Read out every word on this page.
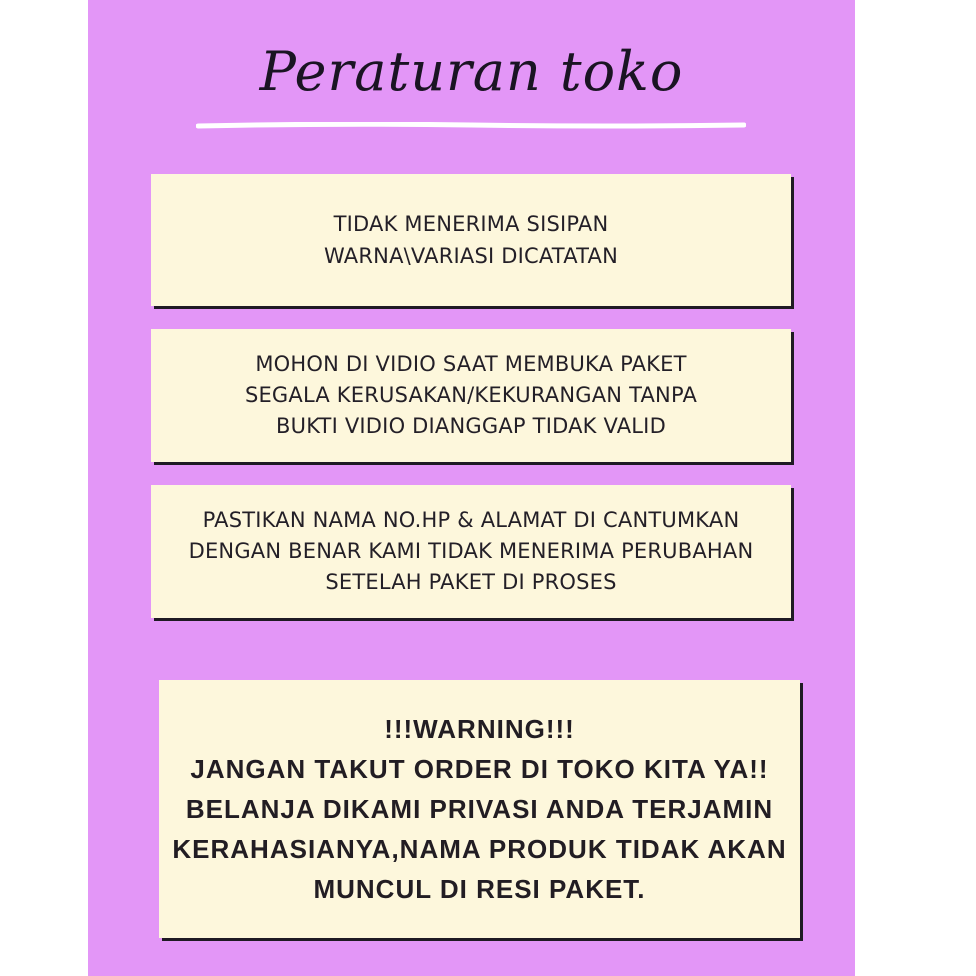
Peraturan toko
TIDAK MENERIMA SISIPAN
WARNA\VARIASI DICATATAN
MOHON DI VIDIO SAAT MEMBUKA PAKET
SEGALA KERUSAKAN/KEKURANGAN TANPA
BUKTI VIDIO DIANGGAP TIDAK VALID
PASTIKAN NAMA NO.HP & ALAMAT DI CANTUMKAN
DENGAN BENAR KAMI TIDAK MENERIMA PERUBAHAN
SETELAH PAKET DI PROSES
!!!WARNING!!!
JANGAN TAKUT ORDER DI TOKO KITA YA!!
BELANJA DIKAMI PRIVASI ANDA TERJAMIN
KERAHASIANYA,NAMA PRODUK TIDAK AKAN
MUNCUL DI RESI PAKET.
